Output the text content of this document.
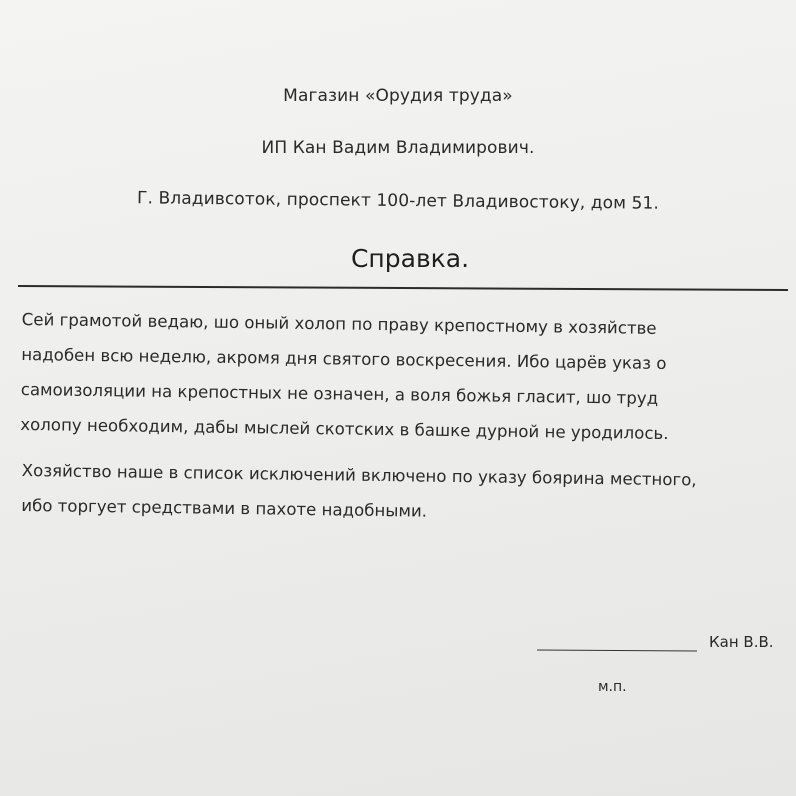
Магазин «Орудия труда»
ИП Кан Вадим Владимирович.
Г. Владивсоток, проспект 100-лет Владивостоку, дом 51.
Справка.
Сей грамотой ведаю, шо оный холоп по праву крепостному в хозяйстве
надобен всю неделю, акромя дня святого воскресения. Ибо царёв указ о
самоизоляции на крепостных не означен, а воля божья гласит, шо труд
холопу необходим, дабы мыслей скотских в башке дурной не уродилось.
Хозяйство наше в список исключений включено по указу боярина местного,
ибо торгует средствами в пахоте надобными.
Кан В.В.
м.п.
